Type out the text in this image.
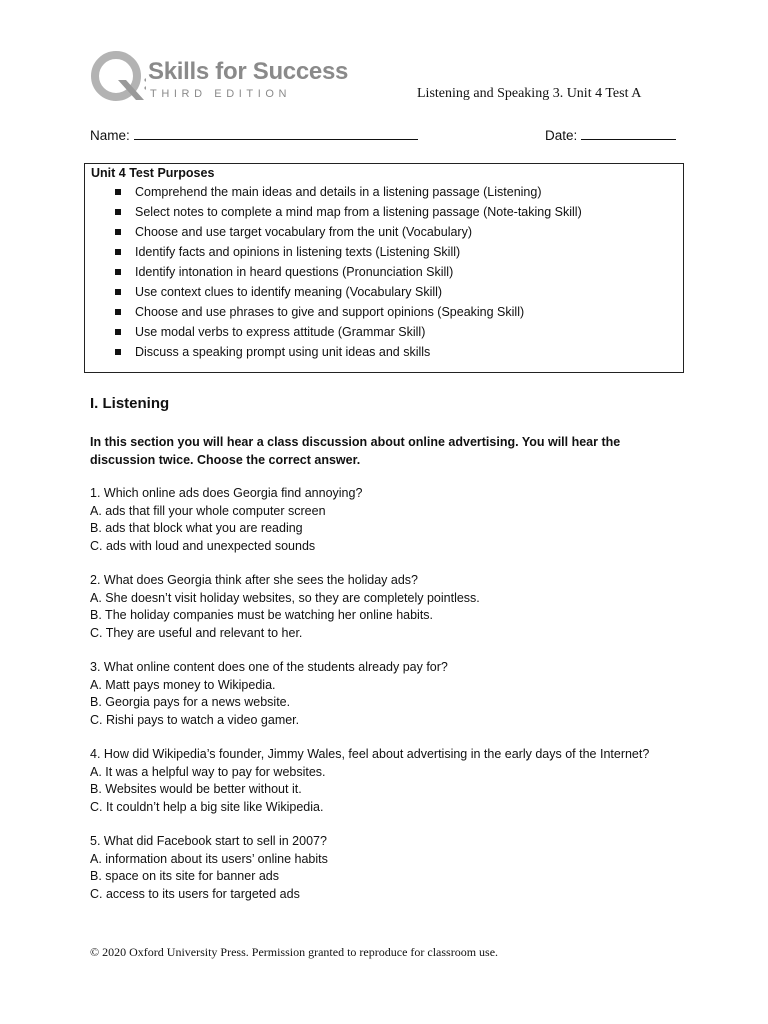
Skills for Success
THIRD EDITION	Listening and Speaking 3. Unit 4 Test A
Name:	Date:
Unit 4 Test Purposes
Comprehend the main ideas and details in a listening passage (Listening)
Select notes to complete a mind map from a listening passage (Note-taking Skill)
Choose and use target vocabulary from the unit (Vocabulary)
Identify facts and opinions in listening texts (Listening Skill)
Identify intonation in heard questions (Pronunciation Skill)
Use context clues to identify meaning (Vocabulary Skill)
Choose and use phrases to give and support opinions (Speaking Skill)
Use modal verbs to express attitude (Grammar Skill)
Discuss a speaking prompt using unit ideas and skills
I. Listening
In this section you will hear a class discussion about online advertising. You will hear the discussion twice. Choose the correct answer.

1. Which online ads does Georgia find annoying?

A. ads that fill your whole computer screen

B. ads that block what you are reading

C. ads with loud and unexpected sounds

2. What does Georgia think after she sees the holiday ads?

A. She doesn’t visit holiday websites, so they are completely pointless.

B. The holiday companies must be watching her online habits.

C. They are useful and relevant to her.

3. What online content does one of the students already pay for?

A. Matt pays money to Wikipedia.

B. Georgia pays for a news website.

C. Rishi pays to watch a video gamer.

4. How did Wikipedia’s founder, Jimmy Wales, feel about advertising in the early days of the Internet?

A. It was a helpful way to pay for websites.

B. Websites would be better without it.

C. It couldn’t help a big site like Wikipedia.

5. What did Facebook start to sell in 2007?

A. information about its users’ online habits

B. space on its site for banner ads

C. access to its users for targeted ads

© 2020 Oxford University Press. Permission granted to reproduce for classroom use.
